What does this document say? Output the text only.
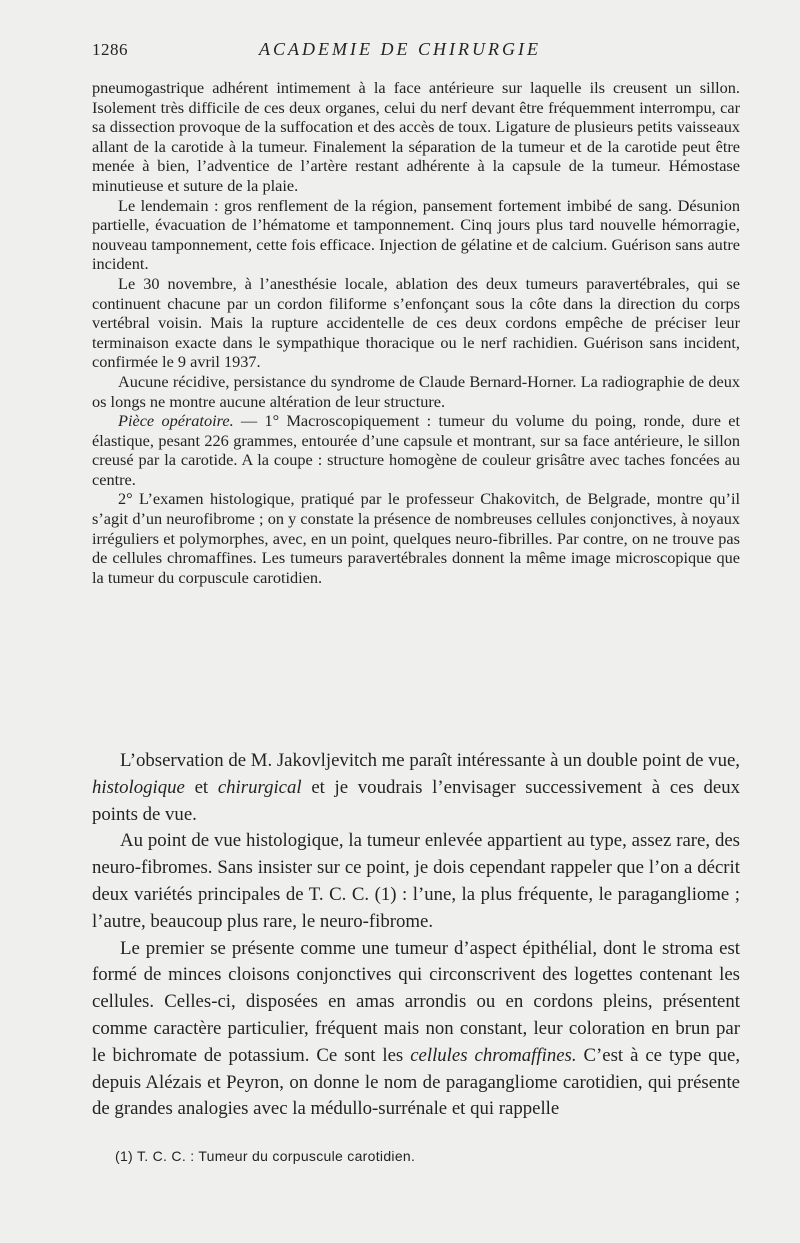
1286	ACADEMIE DE CHIRURGIE

pneumogastrique adhérent intimement à la face antérieure sur laquelle ils creusent un sillon. Isolement très difficile de ces deux organes, celui du nerf devant être fréquemment interrompu, car sa dissection provoque de la suffocation et des accès de toux. Ligature de plusieurs petits vaisseaux allant de la carotide à la tumeur. Finalement la séparation de la tumeur et de la carotide peut être menée à bien, l’adventice de l’artère restant adhérente à la capsule de la tumeur. Hémostase minutieuse et suture de la plaie.

Le lendemain : gros renflement de la région, pansement fortement imbibé de sang. Désunion partielle, évacuation de l’hématome et tamponnement. Cinq jours plus tard nouvelle hémorragie, nouveau tamponnement, cette fois efficace. Injection de gélatine et de calcium. Guérison sans autre incident.

Le 30 novembre, à l’anesthésie locale, ablation des deux tumeurs paravertébrales, qui se continuent chacune par un cordon filiforme s’enfonçant sous la côte dans la direction du corps vertébral voisin. Mais la rupture accidentelle de ces deux cordons empêche de préciser leur terminaison exacte dans le sympathique thoracique ou le nerf rachidien. Guérison sans incident, confirmée le 9 avril 1937.

Aucune récidive, persistance du syndrome de Claude Bernard-Horner. La radiographie de deux os longs ne montre aucune altération de leur structure.

Pièce opératoire. — 1° Macroscopiquement : tumeur du volume du poing, ronde, dure et élastique, pesant 226 grammes, entourée d’une capsule et montrant, sur sa face antérieure, le sillon creusé par la carotide. A la coupe : structure homogène de couleur grisâtre avec taches foncées au centre.

2° L’examen histologique, pratiqué par le professeur Chakovitch, de Belgrade, montre qu’il s’agit d’un neurofibrome ; on y constate la présence de nombreuses cellules conjonctives, à noyaux irréguliers et polymorphes, avec, en un point, quelques neuro-fibrilles. Par contre, on ne trouve pas de cellules chromaffines. Les tumeurs paravertébrales donnent la même image microscopique que la tumeur du corpuscule carotidien.

L’observation de M. Jakovljevitch me paraît intéressante à un double point de vue, histologique et chirurgical et je voudrais l’envisager successivement à ces deux points de vue.

Au point de vue histologique, la tumeur enlevée appartient au type, assez rare, des neuro-fibromes. Sans insister sur ce point, je dois cependant rappeler que l’on a décrit deux variétés principales de T. C. C. (1) : l’une, la plus fréquente, le paragangliome ; l’autre, beaucoup plus rare, le neuro-fibrome.

Le premier se présente comme une tumeur d’aspect épithélial, dont le stroma est formé de minces cloisons conjonctives qui circonscrivent des logettes contenant les cellules. Celles-ci, disposées en amas arrondis ou en cordons pleins, présentent comme caractère particulier, fréquent mais non constant, leur coloration en brun par le bichromate de potassium. Ce sont les cellules chromaffines. C’est à ce type que, depuis Alézais et Peyron, on donne le nom de paragangliome carotidien, qui présente de grandes analogies avec la médullo-surrénale et qui rappelle

(1) T. C. C. : Tumeur du corpuscule carotidien.
